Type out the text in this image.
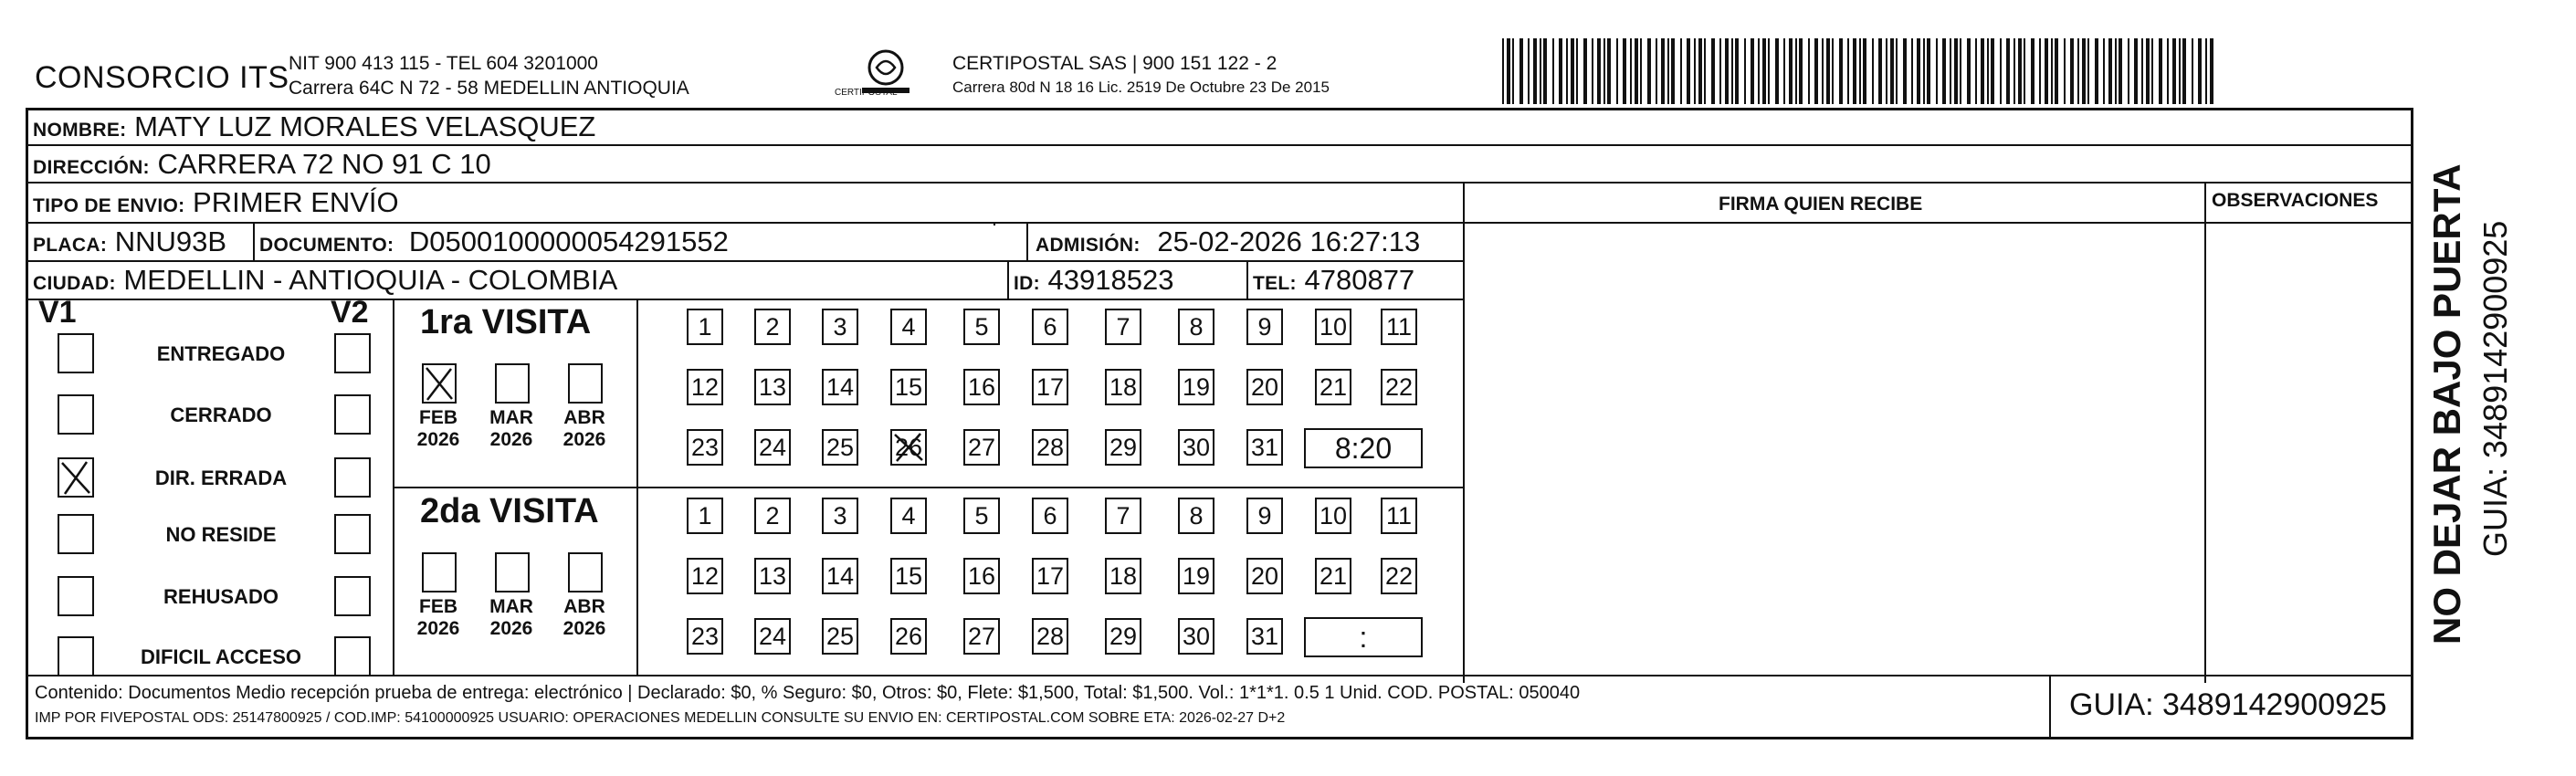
CONSORCIO ITS NIT 900 413 115 - TEL 604 3201000
Carrera 64C N 72 - 58 MEDELLIN ANTIOQUIA	CERTIPOSTAL
CERTIPOSTAL SAS | 900 151 122 - 2
Carrera 80d N 18 16 Lic. 2519 De Octubre 23 De 2015
NOMBRE: MATY LUZ MORALES VELASQUEZ
DIRECCIÓN: CARRERA 72 NO 91 C 10
TIPO DE ENVIO: PRIMER ENVÍO	FIRMA QUIEN RECIBE	OBSERVACIONES
PLACA: NNU93B DOCUMENTO: D0500100000054291552	ADMISIÓN: 25-02-2026 16:27:13
CIUDAD: MEDELLIN - ANTIOQUIA - COLOMBIA	ID: 43918523	TEL: 4780877
V1	V2
ENTREGADO
CERRADO
DIR. ERRADA
NO RESIDE
REHUSADO
DIFICIL ACCESO
1ra VISITA
2da VISITA
FEB
2026
MAR
2026
ABR
2026
FEB
2026
MAR
2026
ABR
2026
1	2	3	4	5	6	7	8	9	10 11
12 13 14 15 16 17 18 19 20 21 22
23 24 25 26 27 28 29 30 31
1	2	3	4	5	6	7	8	9	10 11
12 13 14 15 16 17 18 19 20 21 22
23 24 25 26 27 28 29 30 31
8:20
:
Contenido: Documentos Medio recepción prueba de entrega: electrónico | Declarado: $0, % Seguro: $0, Otros: $0, Flete: $1,500, Total: $1,500. Vol.: 1*1*1. 0.5 1 Unid. COD. POSTAL: 050040
IMP POR FIVEPOSTAL ODS: 25147800925 / COD.IMP: 54100000925 USUARIO: OPERACIONES MEDELLIN CONSULTE SU ENVIO EN: CERTIPOSTAL.COM SOBRE ETA: 2026-02-27 D+2	GUIA: 3489142900925
NO DEJAR BAJO PUERTA GUIA: 3489142900925
